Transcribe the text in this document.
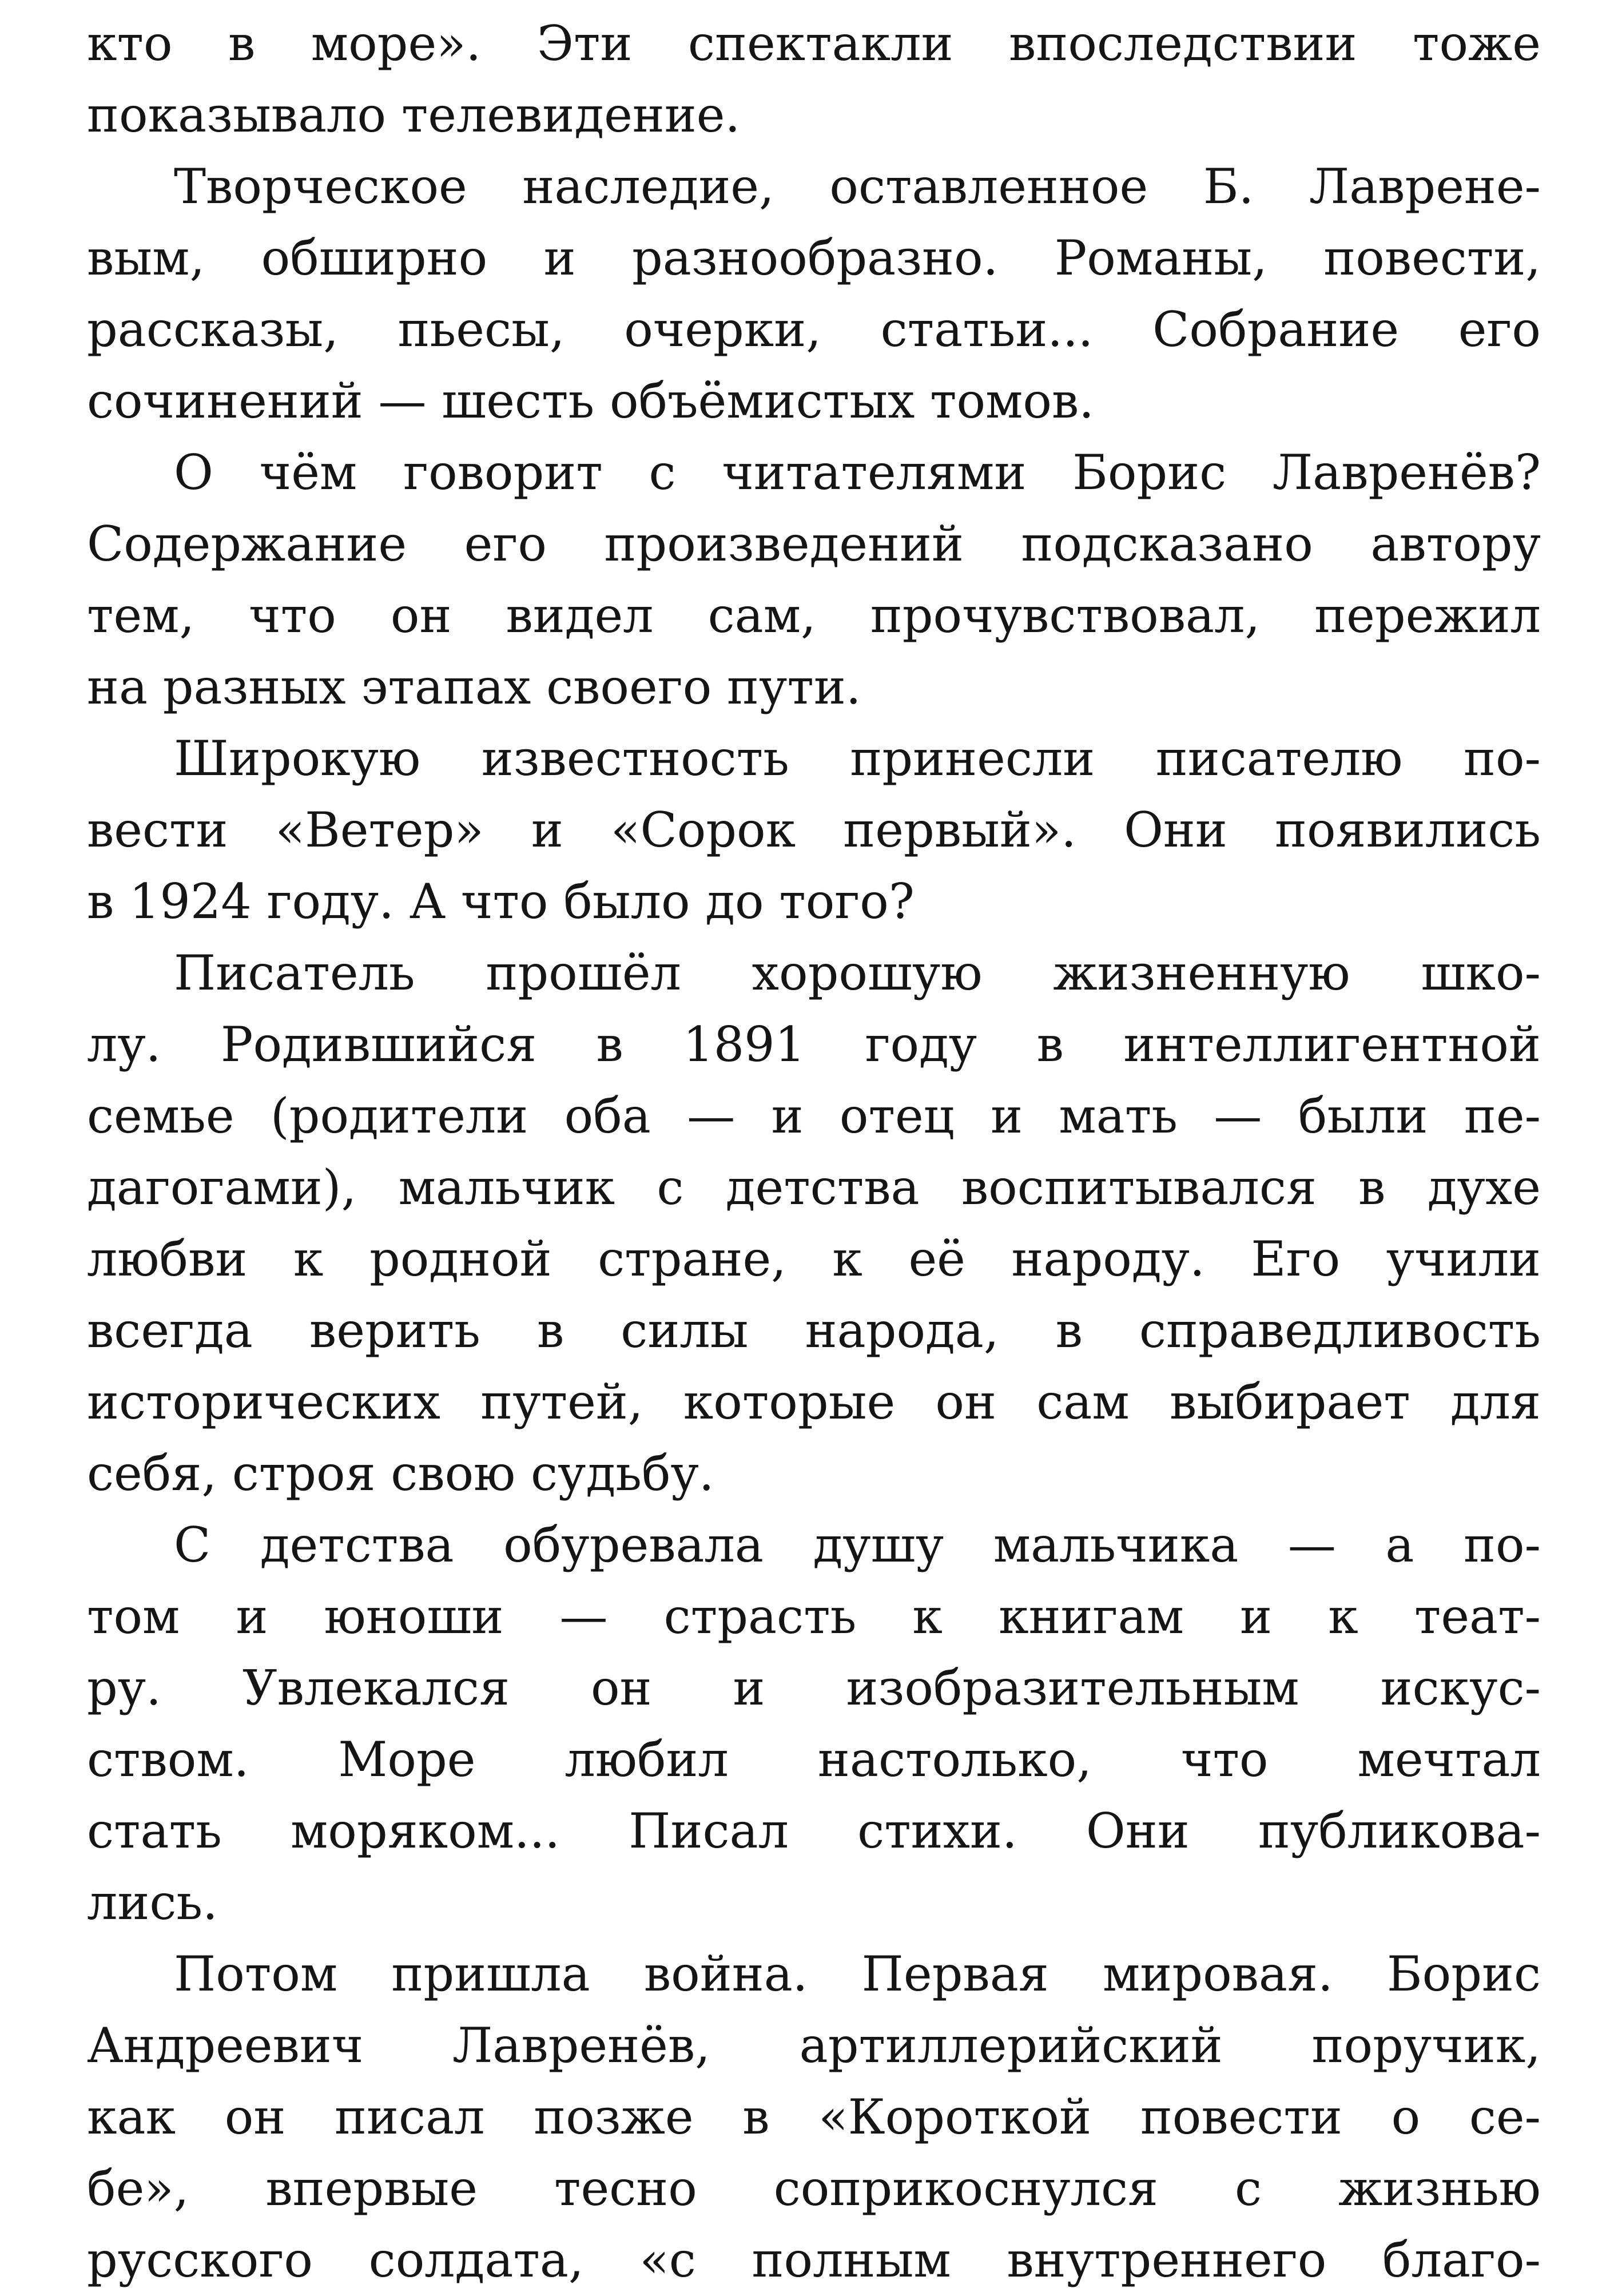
кто в море». Эти спектакли впоследствии тоже
показывало телевидение.
Творческое наследие, оставленное Б. Лаврене-
вым, обширно и разнообразно. Романы, повести,
рассказы, пьесы, очерки, статьи... Собрание его
сочинений — шесть объёмистых томов.
О чём говорит с читателями Борис Лавренёв?
Содержание его произведений подсказано автору
тем, что он видел сам, прочувствовал, пережил
на разных этапах своего пути.
Широкую известность принесли писателю по-
вести «Ветер» и «Сорок первый». Они появились
в 1924 году. А что было до того?
Писатель прошёл хорошую жизненную шко-
лу. Родившийся в 1891 году в интеллигентной
семье (родители оба — и отец и мать — были пе-
дагогами), мальчик с детства воспитывался в духе
любви к родной стране, к её народу. Его учили
всегда верить в силы народа, в справедливость
исторических путей, которые он сам выбирает для
себя, строя свою судьбу.
С детства обуревала душу мальчика — а по-
том и юноши — страсть к книгам и к теат-
ру. Увлекался он и изобразительным искус-
ством. Море любил настолько, что мечтал
стать моряком... Писал стихи. Они публикова-
лись.
Потом пришла война. Первая мировая. Борис
Андреевич Лавренёв, артиллерийский поручик,
как он писал позже в «Короткой повести о се-
бе», впервые тесно соприкоснулся с жизнью
русского солдата, «с полным внутреннего благо-
